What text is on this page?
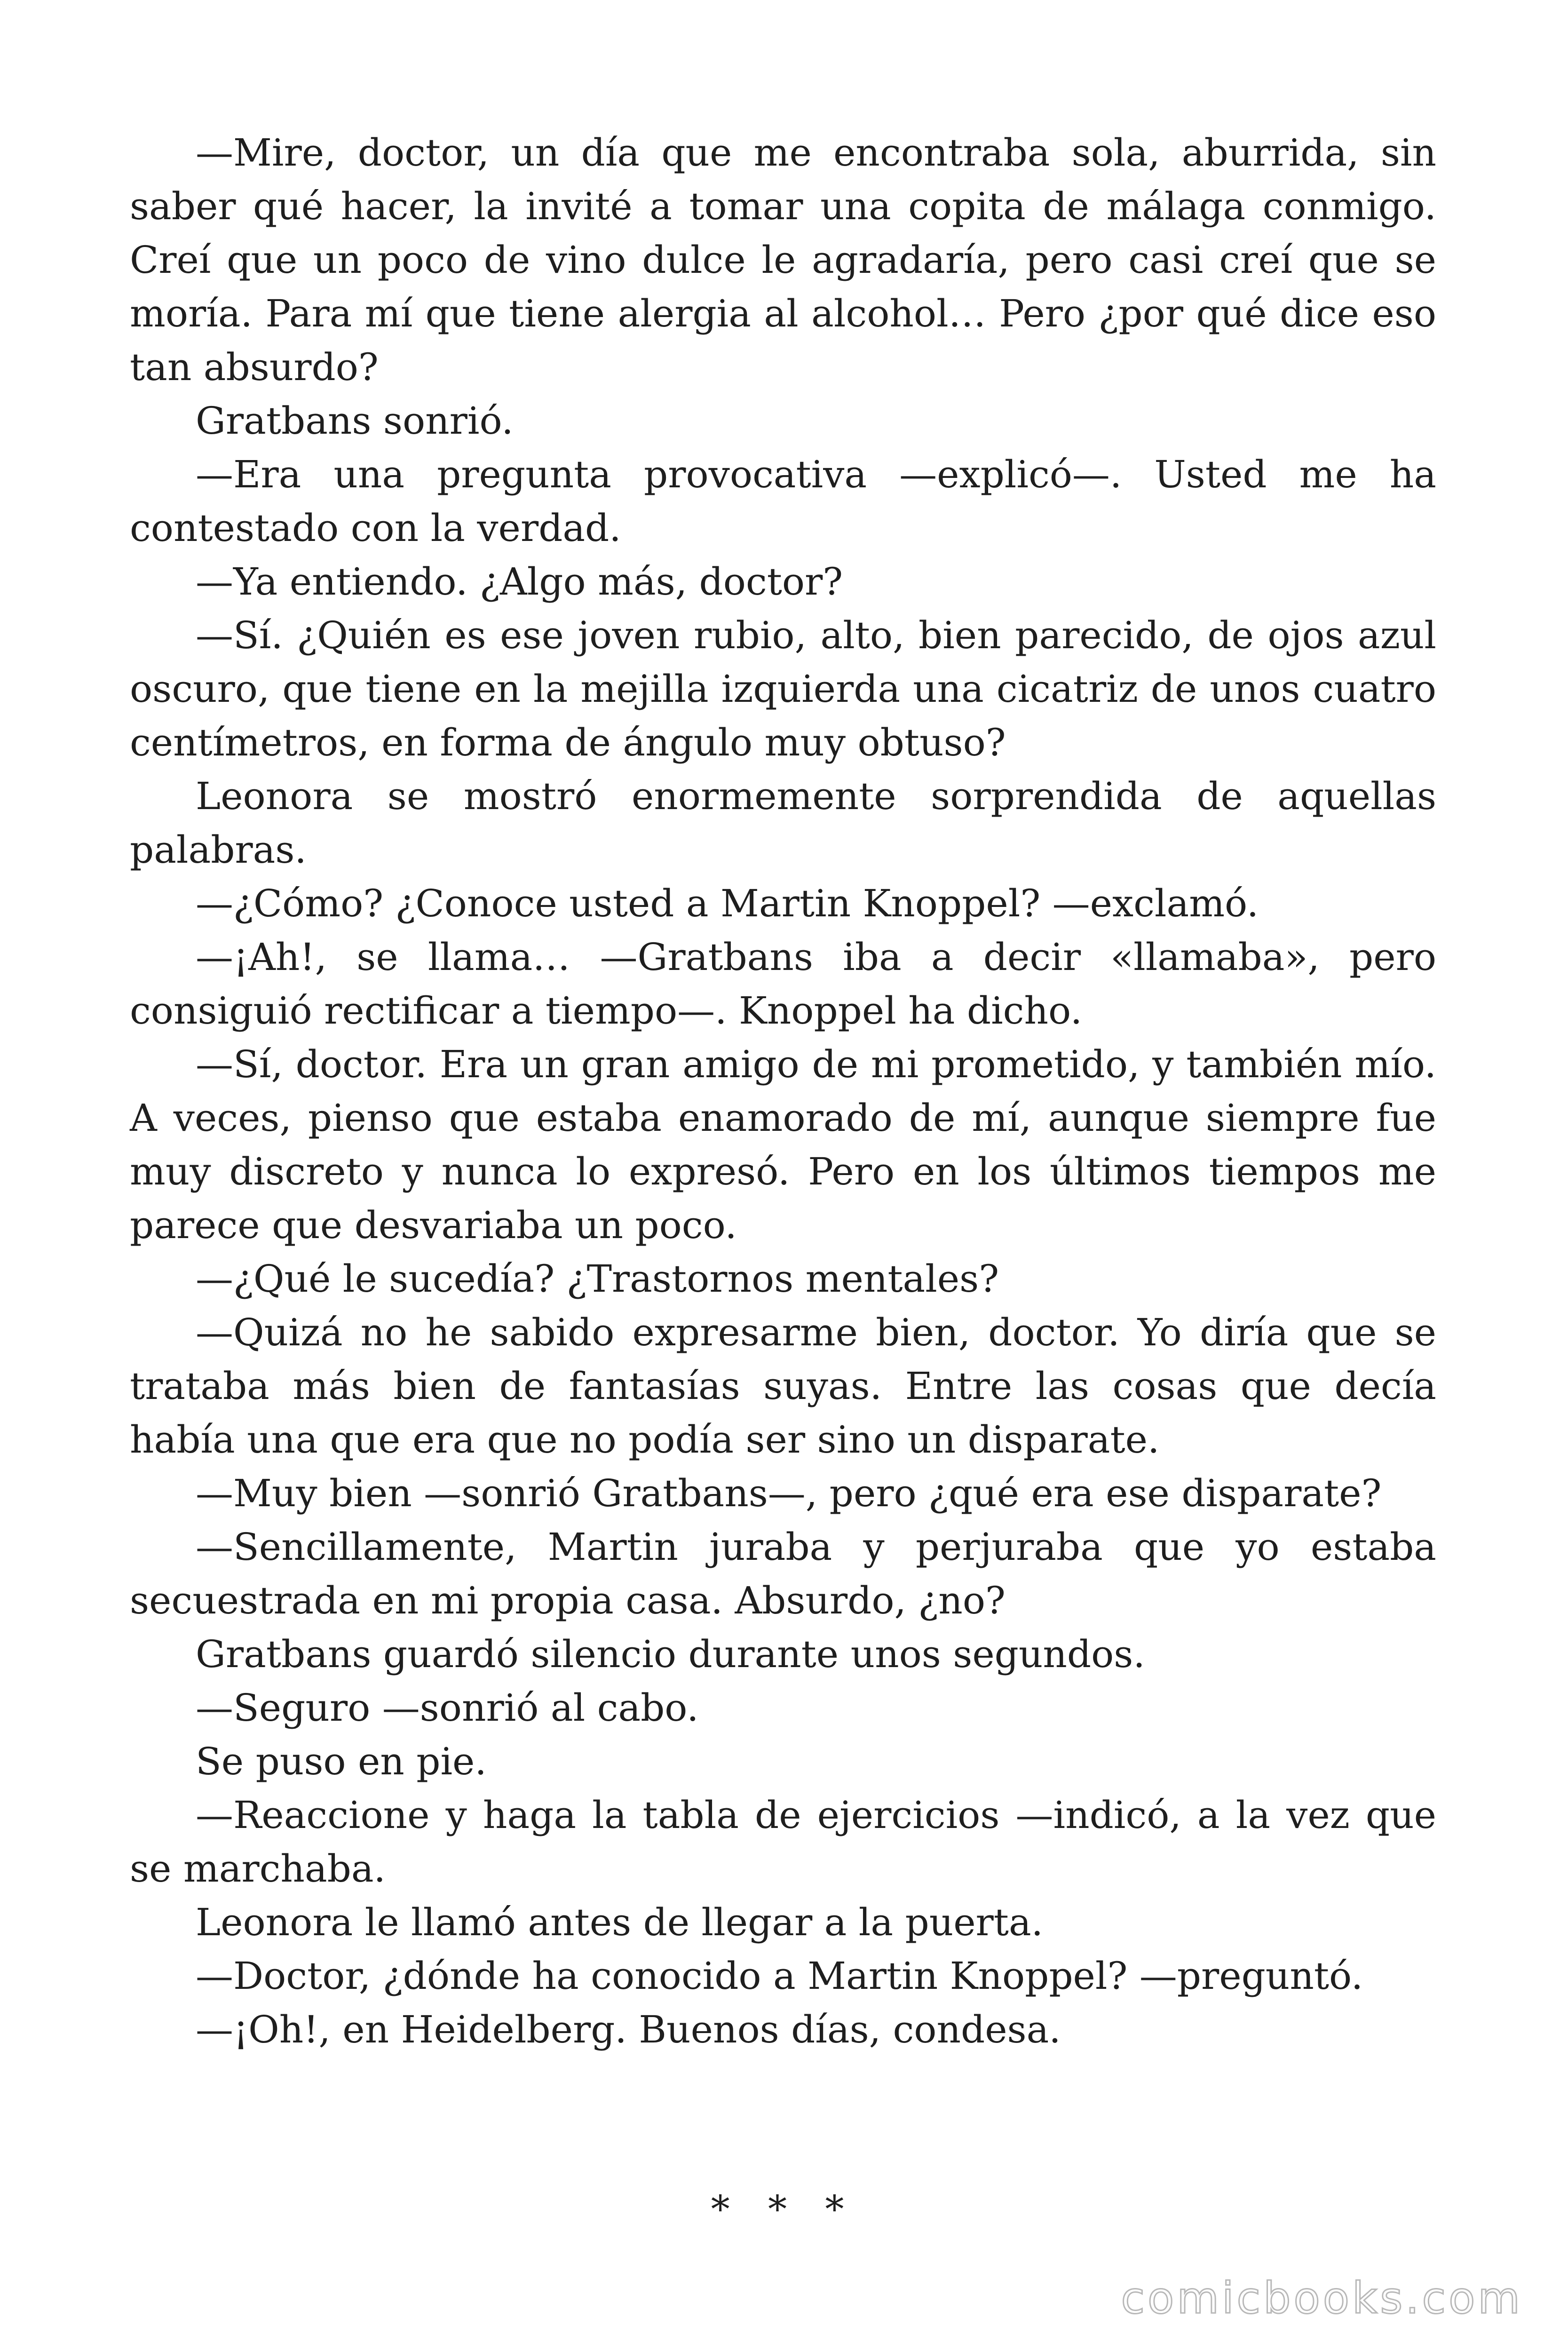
—Mire, doctor, un día que me encontraba sola, aburrida, sin saber qué hacer, la invité a tomar una copita de málaga conmigo. Creí que un poco de vino dulce le agradaría, pero casi creí que se moría. Para mí que tiene alergia al alcohol… Pero ¿por qué dice eso tan absurdo?

Gratbans sonrió.

—Era una pregunta provocativa —explicó—. Usted me ha contestado con la verdad.

—Ya entiendo. ¿Algo más, doctor?

—Sí. ¿Quién es ese joven rubio, alto, bien parecido, de ojos azul oscuro, que tiene en la mejilla izquierda una cicatriz de unos cuatro centímetros, en forma de ángulo muy obtuso?

Leonora se mostró enormemente sorprendida de aquellas palabras.

—¿Cómo? ¿Conoce usted a Martin Knoppel? —exclamó.

—¡Ah!, se llama… —Gratbans iba a decir «llamaba», pero consiguió rectificar a tiempo—. Knoppel ha dicho.

—Sí, doctor. Era un gran amigo de mi prometido, y también mío. A veces, pienso que estaba enamorado de mí, aunque siempre fue muy discreto y nunca lo expresó. Pero en los últimos tiempos me parece que desvariaba un poco.

—¿Qué le sucedía? ¿Trastornos mentales?

—Quizá no he sabido expresarme bien, doctor. Yo diría que se trataba más bien de fantasías suyas. Entre las cosas que decía había una que era que no podía ser sino un disparate.

—Muy bien —sonrió Gratbans—, pero ¿qué era ese disparate?

—Sencillamente, Martin juraba y perjuraba que yo estaba secuestrada en mi propia casa. Absurdo, ¿no?

Gratbans guardó silencio durante unos segundos.

—Seguro —sonrió al cabo.

Se puso en pie.

—Reaccione y haga la tabla de ejercicios —indicó, a la vez que se marchaba.

Leonora le llamó antes de llegar a la puerta.

—Doctor, ¿dónde ha conocido a Martin Knoppel? —preguntó.

—¡Oh!, en Heidelberg. Buenos días, condesa.

* * *
comicbooks.com
